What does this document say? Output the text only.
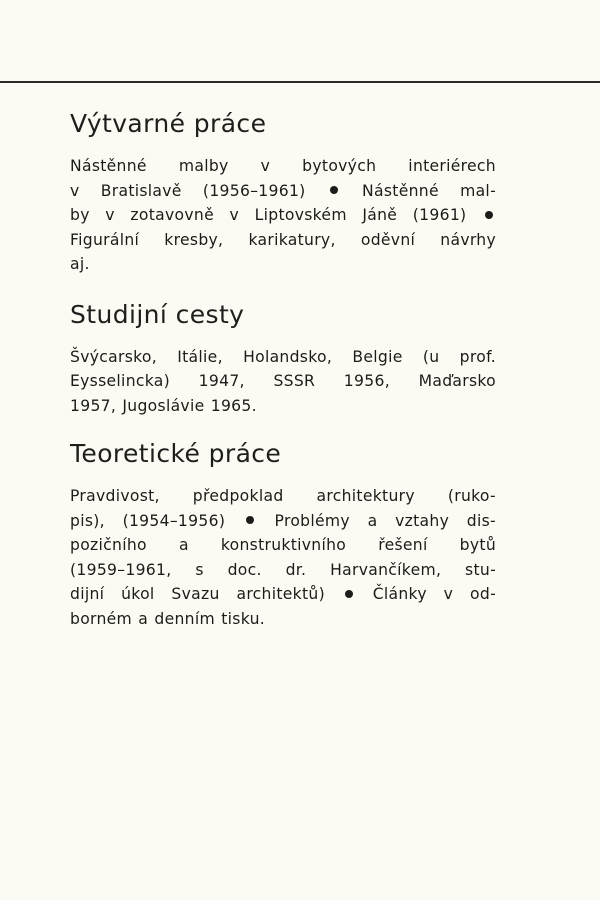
Výtvarné práce

Nástěnné malby v bytových interiérech
v Bratislavě (1956–1961)	Nástěnné mal-
by v zotavovně v Liptovském Jáně (1961)
Figurální kresby, karikatury, oděvní návrhy
aj.

Studijní cesty

Švýcarsko, Itálie, Holandsko, Belgie (u prof.
Eysselincka) 1947, SSSR 1956, Maďarsko
1957, Jugoslávie 1965.

Teoretické práce

Pravdivost, předpoklad architektury (ruko-
pis), (1954–1956)	Problémy a vztahy dis-
pozičního a konstruktivního řešení bytů
(1959–1961, s doc. dr. Harvančíkem, stu-
dijní úkol Svazu architektů)	Články v od-
borném a denním tisku.
